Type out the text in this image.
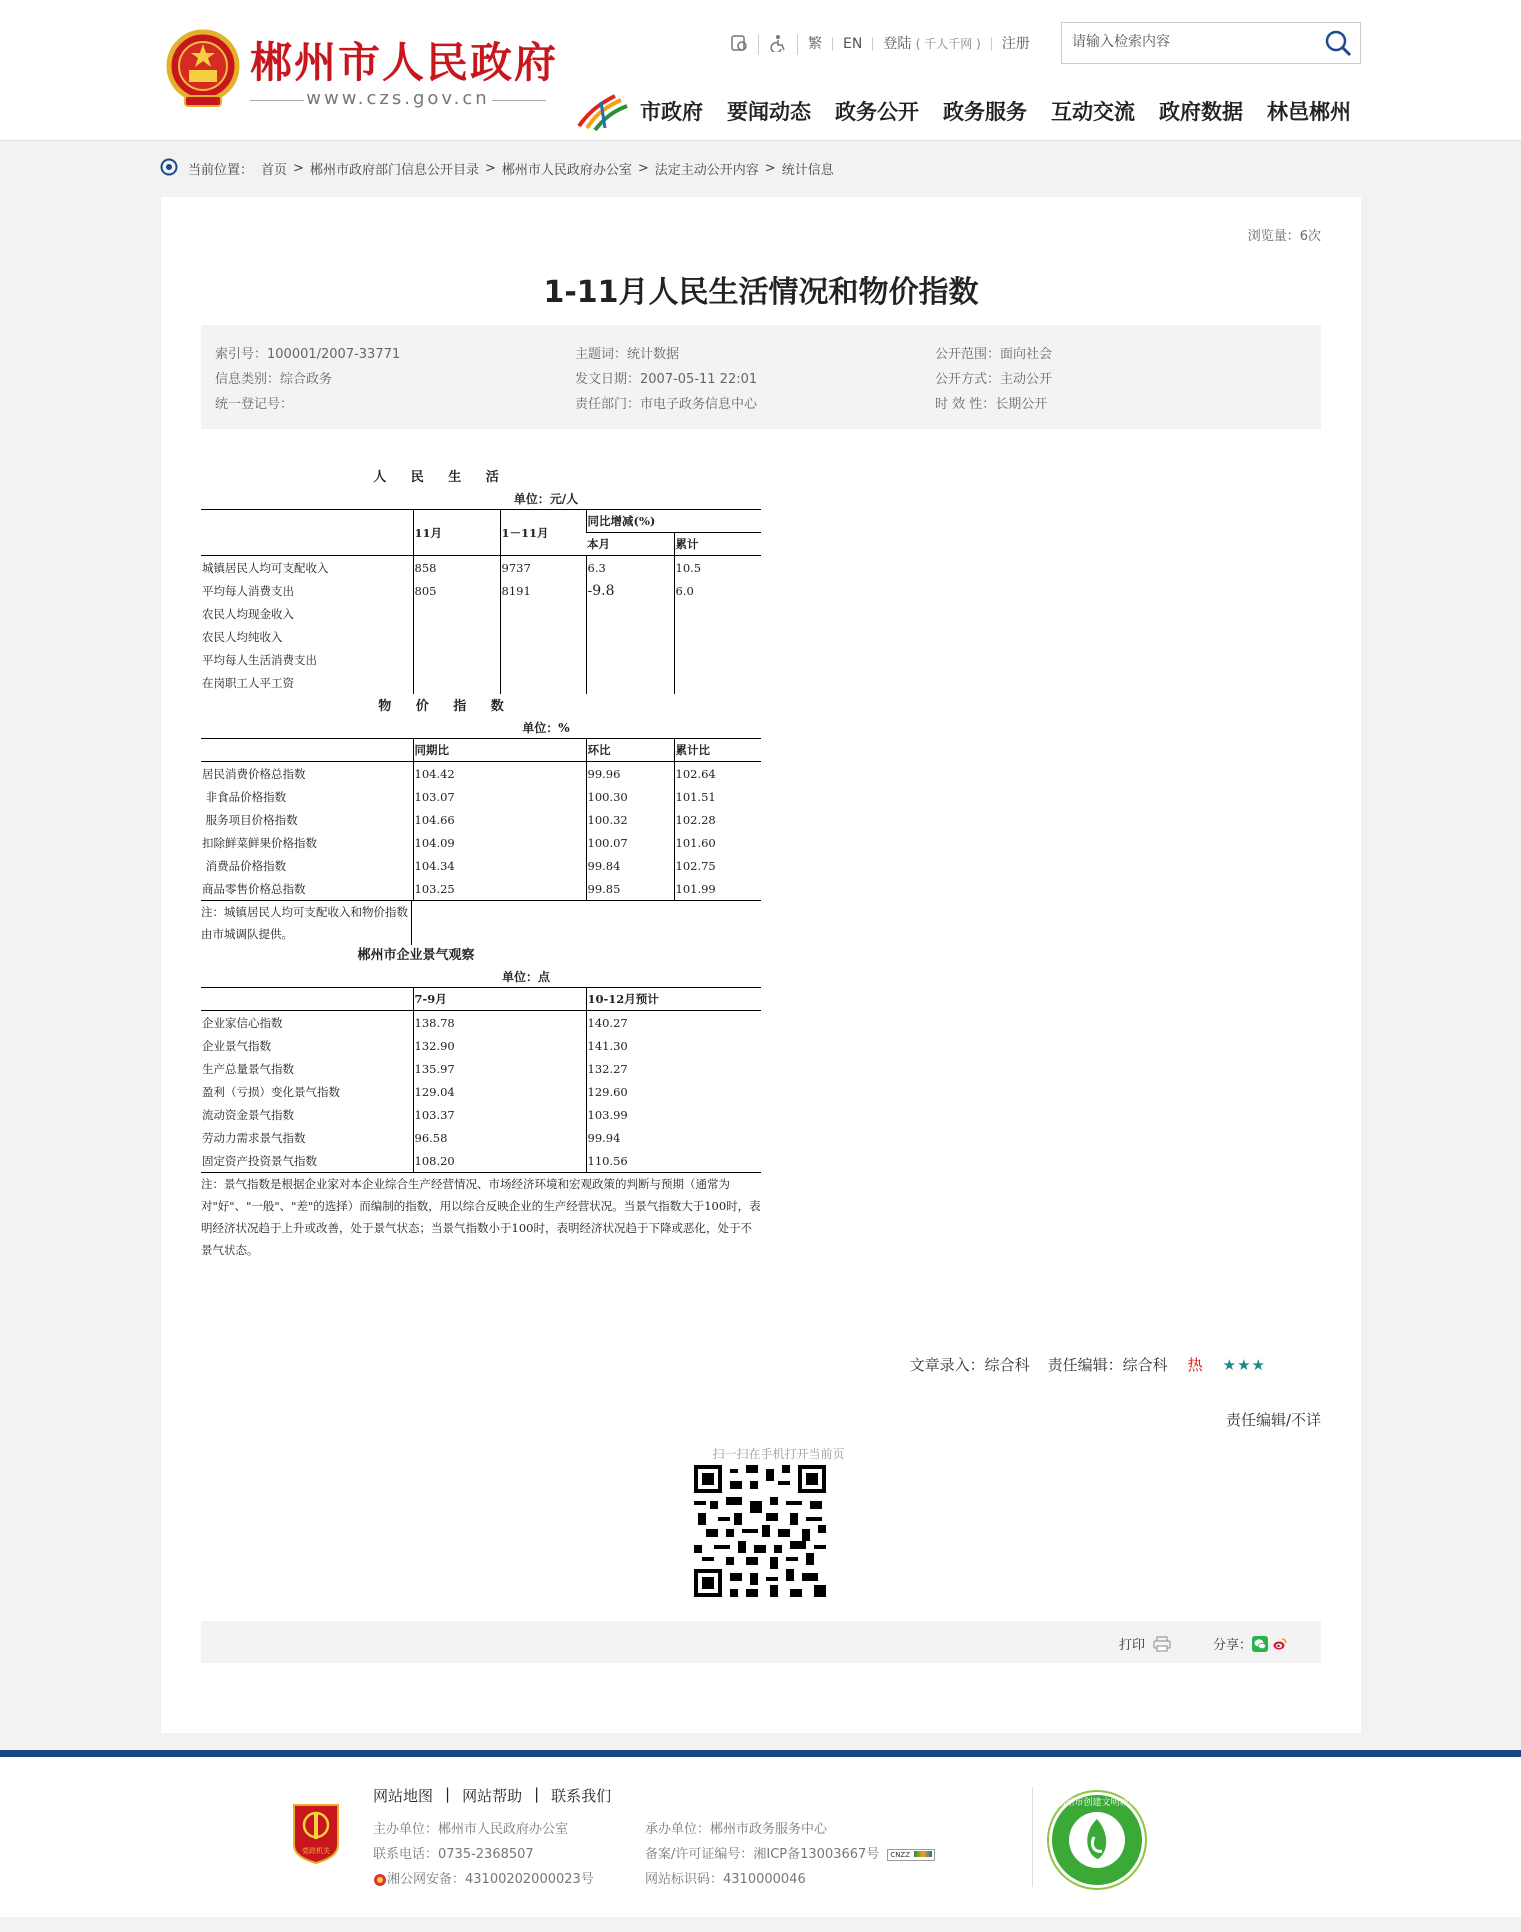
郴州市人民政府
www.czs.gov.cn
繁	EN	登陆 ( 千人千网 )	注册
请输入检索内容
市政府 要闻动态 政务公开 政务服务 互动交流 政府数据 林邑郴州
当前位置： 首页 > 郴州市政府部门信息公开目录 > 郴州市人民政府办公室 > 法定主动公开内容 > 统计信息
浏览量：6次
1-11月人民生活情况和物价指数
索引号：100001/2007-33771
信息类别：综合政务
统一登记号：
主题词：统计数据
发文日期：2007-05-11 22:01
责任部门：市电子政务信息中心
公开范围：面向社会
公开方式：主动公开
时 效 性：长期公开
人 民 生 活
单位：元/人
	11月	1－11月	同比增减(%)	
			本月	累计
城镇居民人均可支配收入	858	9737	6.3	10.5
平均每人消费支出	805	8191	-9.8	6.0
农民人均现金收入				
农民人均纯收入				
平均每人生活消费支出				
在岗职工人平工资				
物 价 指 数
单位：%
	同期比	环比	累计比
居民消费价格总指数	104.42	99.96	102.64
非食品价格指数	103.07	100.30	101.51
服务项目价格指数	104.66	100.32	102.28
扣除鲜菜鲜果价格指数	104.09	100.07	101.60
消费品价格指数	104.34	99.84	102.75
商品零售价格总指数	103.25	99.85	101.99
注：城镇居民人均可支配收入和物价指数由市城调队提供。
郴州市企业景气观察
单位：点
	7-9月	10-12月预计
企业家信心指数	138.78	140.27
企业景气指数	132.90	141.30
生产总量景气指数	135.97	132.27
盈利（亏损）变化景气指数	129.04	129.60
流动资金景气指数	103.37	103.99
劳动力需求景气指数	96.58	99.94
固定资产投资景气指数	108.20	110.56
注：景气指数是根据企业家对本企业综合生产经营情况、市场经济环境和宏观政策的判断与预期（通常为对"好"、"一般"、"差"的选择）而编制的指数，用以综合反映企业的生产经营状况。当景气指数大于100时，表明经济状况趋于上升或改善，处于景气状态；当景气指数小于100时，表明经济状况趋于下降或恶化，处于不景气状态。
文章录入：综合科 责任编辑：综合科 热 ★★★
责任编辑/不详
扫一扫在手机打开当前页
打印	分享：
党政机关
网站地图 | 网站帮助 | 联系我们
主办单位：郴州市人民政府办公室
联系电话：0735-2368507
湘公网安备：43100202000023号
承办单位：郴州市政务服务中心
备案/许可证编号：湘ICP备13003667号	CNZZ
网站标识码：4310000046
郴州市创建文明城市
